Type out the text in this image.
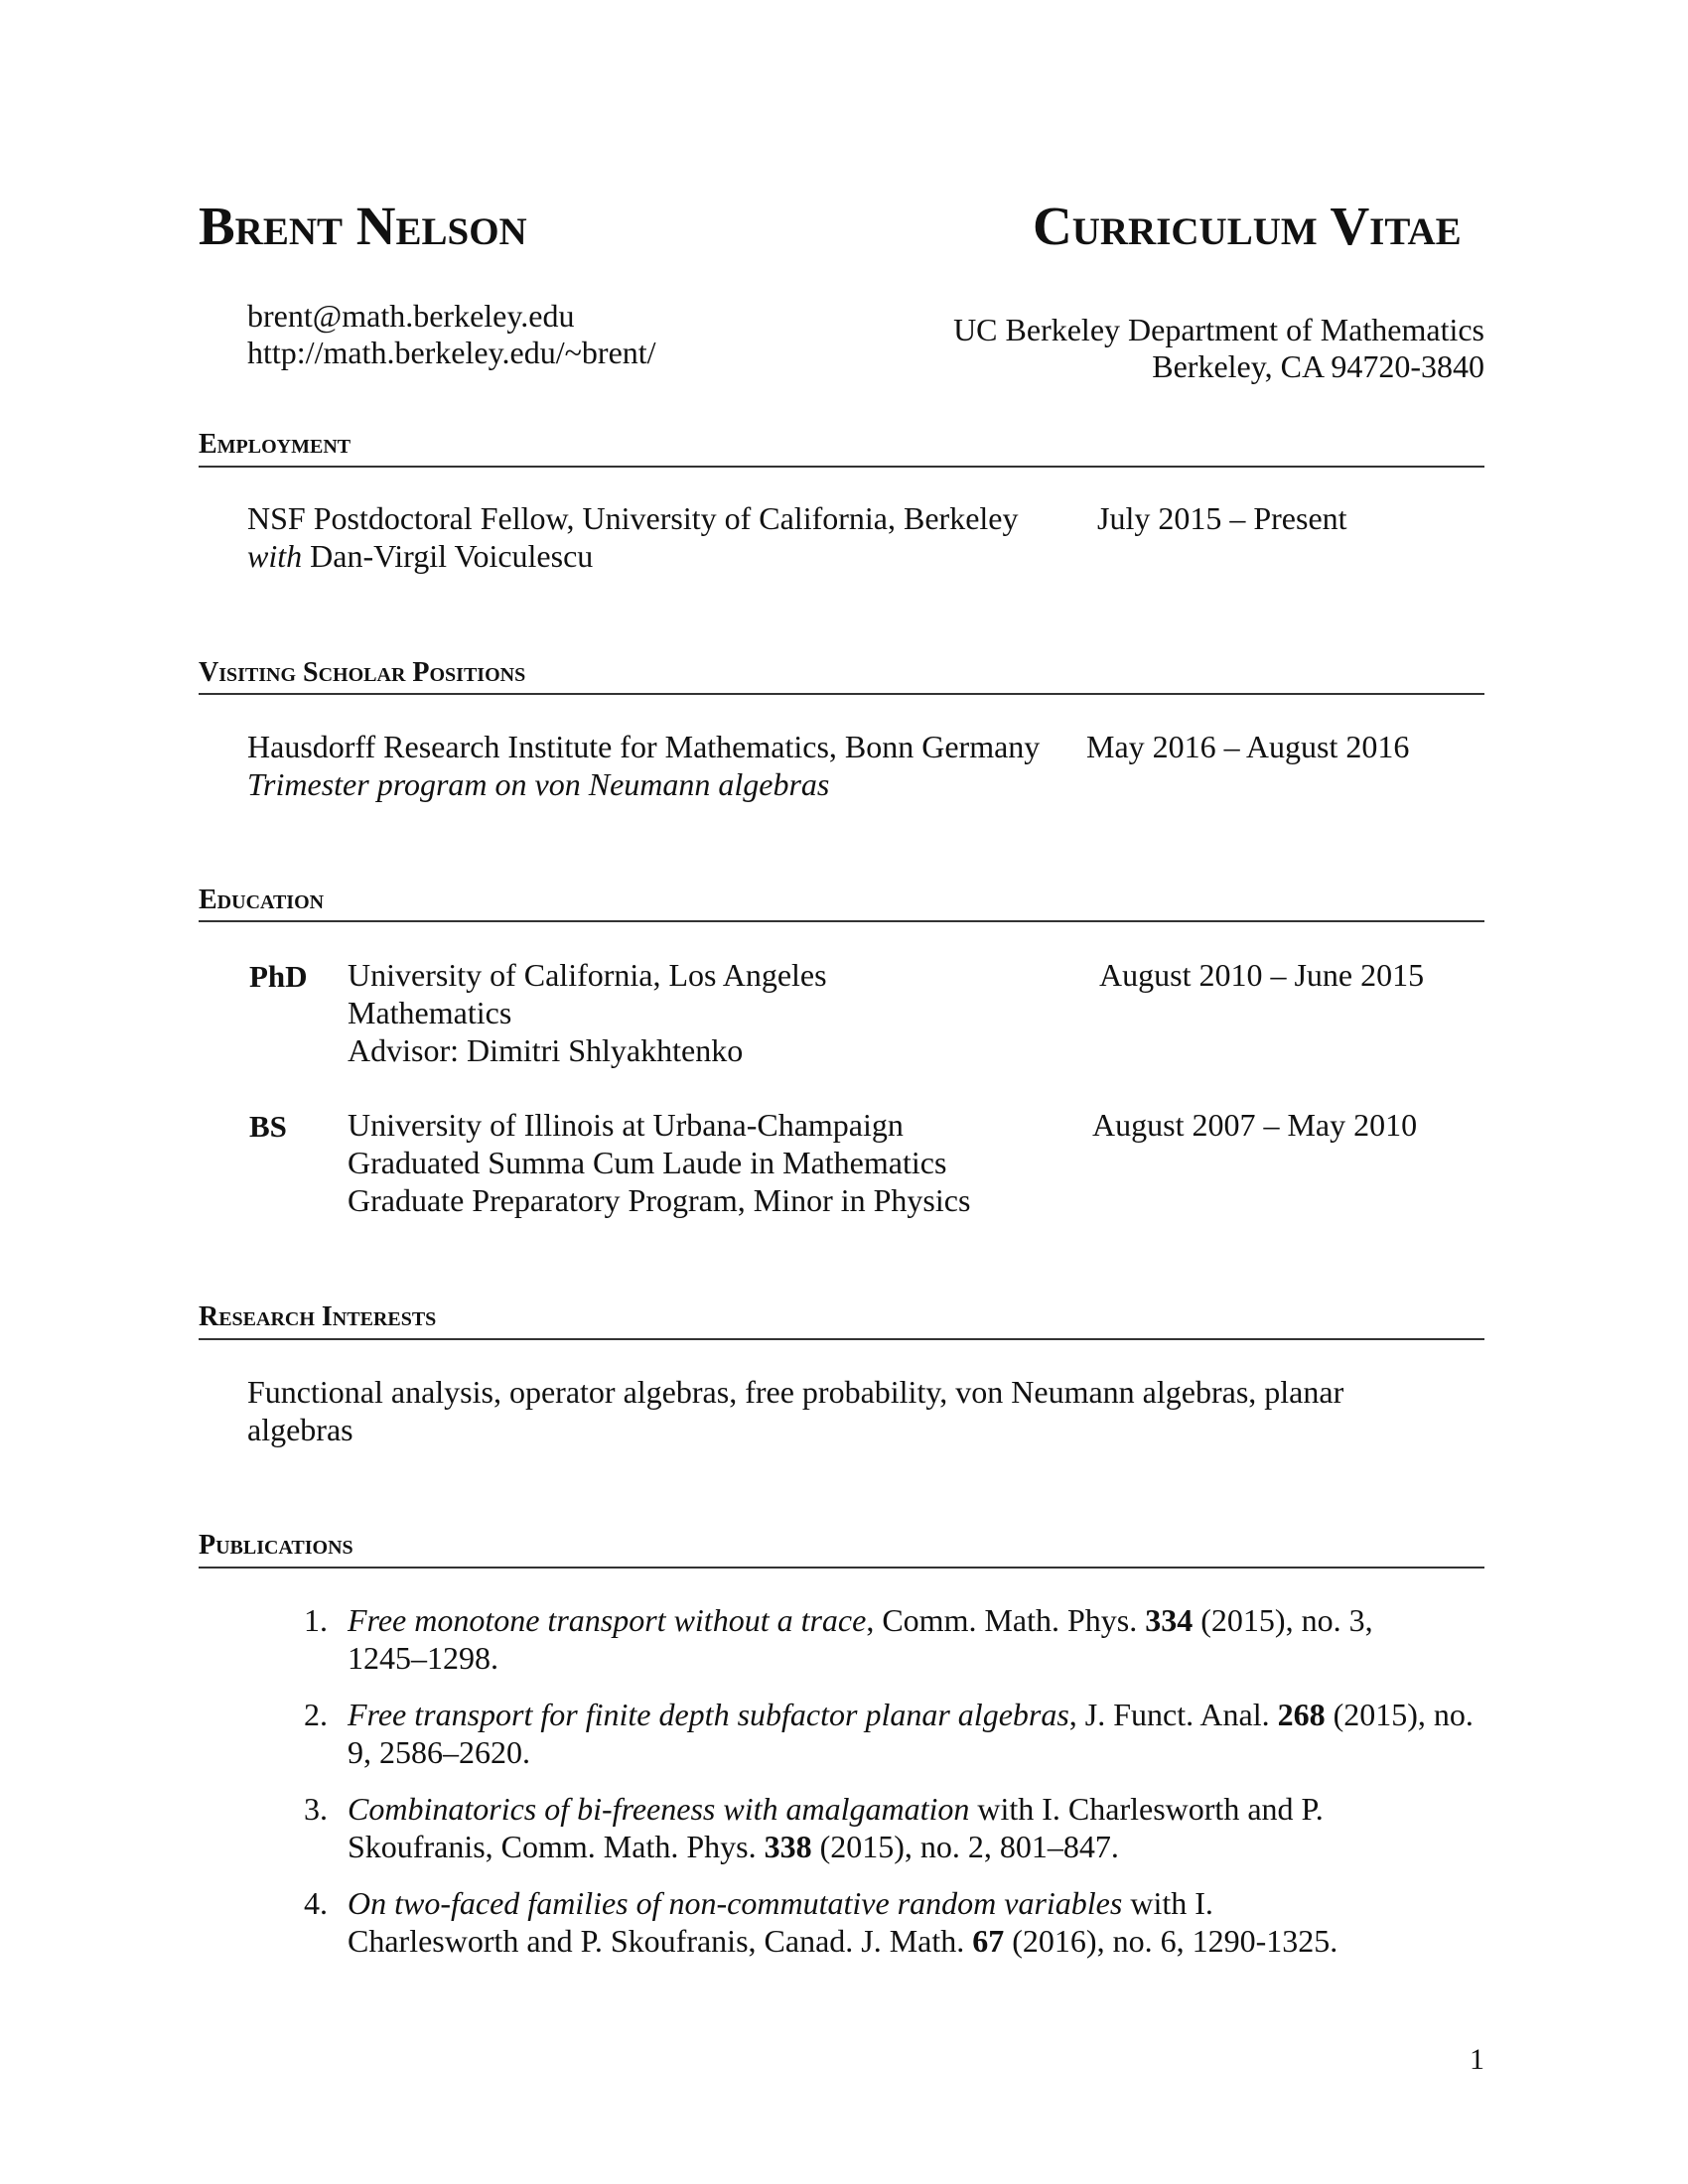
Brent Nelson	Curriculum Vitae
brent@math.berkeley.edu
http://math.berkeley.edu/~brent/
UC Berkeley Department of Mathematics
Berkeley, CA 94720-3840
Employment
NSF Postdoctoral Fellow, University of California, Berkeley July 2015 – Present
with Dan-Virgil Voiculescu
Visiting Scholar Positions
Hausdorff Research Institute for Mathematics, Bonn Germany May 2016 – August 2016
Trimester program on von Neumann algebras
Education
PhD University of California, Los Angeles
Mathematics
Advisor: Dimitri Shlyakhtenko
August 2010 – June 2015
BS University of Illinois at Urbana-Champaign
Graduated Summa Cum Laude in Mathematics
Graduate Preparatory Program, Minor in Physics
August 2007 – May 2010
Research Interests
Functional analysis, operator algebras, free probability, von Neumann algebras, planar algebras
Publications
1. Free monotone transport without a trace, Comm. Math. Phys. 334 (2015), no. 3, 1245–1298.
2. Free transport for finite depth subfactor planar algebras, J. Funct. Anal. 268 (2015), no. 9, 2586–2620.
3. Combinatorics of bi-freeness with amalgamation with I. Charlesworth and P. Skoufranis, Comm. Math. Phys. 338 (2015), no. 2, 801–847.
4. On two-faced families of non-commutative random variables with I. Charlesworth and P. Skoufranis, Canad. J. Math. 67 (2016), no. 6, 1290-1325.
1
